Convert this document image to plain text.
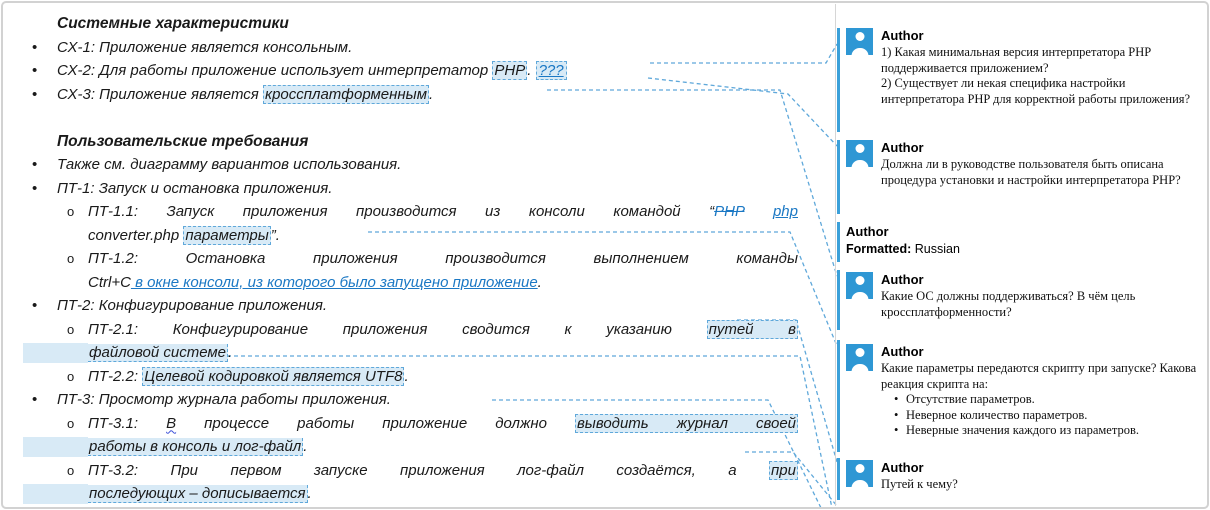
Системные характеристики
• СХ-1: Приложение является консольным.
• СХ-2: Для работы приложение использует интерпретатор PHP . ???
• СХ-3: Приложение является кроссплатформенным .
Пользовательские требования
• Также см. диаграмму вариантов использования.
• ПТ-1: Запуск и остановка приложения.
o ПТ-1.1: Запуск приложения производится из консоли командой “PHP php
converter.php параметры ”.
o ПТ-1.2: Остановка приложения производится выполнением команды
Ctrl+C в окне консоли, из которого было запущено приложение.
• ПТ-2: Конфигурирование приложения.
o ПТ-2.1: Конфигурирование приложения сводится к указанию путей в
файловой системе .
o ПТ-2.2: Целевой кодировкой является UTF8 .
• ПТ-3: Просмотр журнала работы приложения.
o ПТ-3.1: В процессе работы приложение должно выводить журнал своей
работы в консоль и лог-файл .
o ПТ-3.2: При первом запуске приложения лог-файл создаётся, а при
последующих – дописывается .
Author
1) Какая минимальная версия интерпретатора PHP поддерживается приложением?
2) Существует ли некая специфика настройки интерпретатора PHP для корректной работы приложения?
Author
Должна ли в руководстве пользователя быть описана процедура установки и настройки интерпретатора PHP?
Author
Formatted: Russian
Author
Какие ОС должны поддерживаться? В чём цель кроссплатформенности?
Author
Какие параметры передаются скрипту при запуске? Какова реакция скрипта на:
• Отсутствие параметров.
• Неверное количество параметров.
• Неверные значения каждого из параметров.
Author
Путей к чему?
